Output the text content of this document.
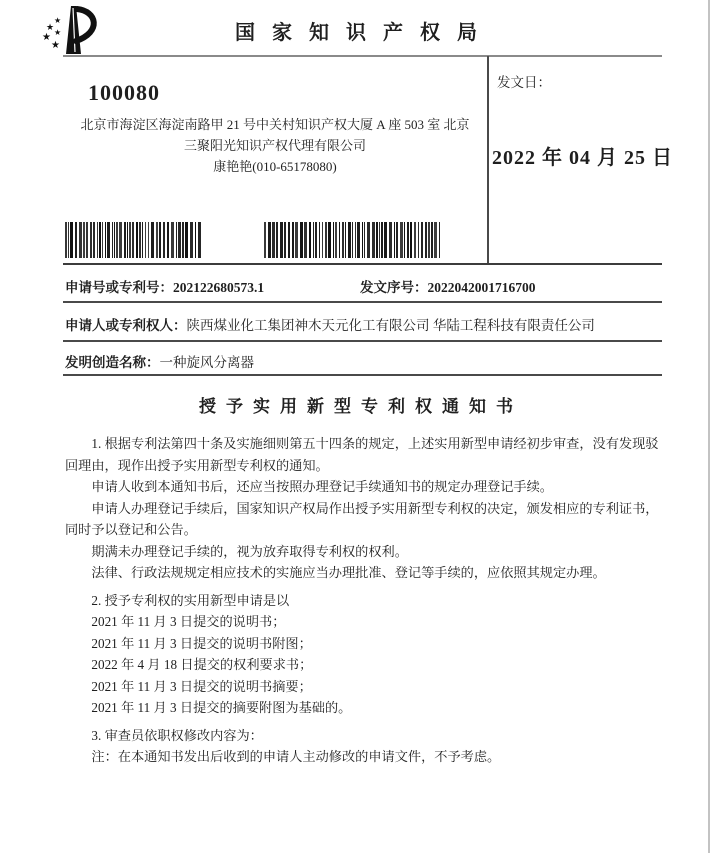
★
★ ★
★
★
国家知识产权局
100080
北京市海淀区海淀南路甲 21 号中关村知识产权大厦 A 座 503 室 北京
三聚阳光知识产权代理有限公司
康艳艳(010-65178080)
发文日：
2022 年 04 月 25 日
申请号或专利号：202122680573.1	发文序号：2022042001716700
申请人或专利权人：陕西煤业化工集团神木天元化工有限公司 华陆工程科技有限责任公司
发明创造名称：一种旋风分离器
授予实用新型专利权通知书

1. 根据专利法第四十条及实施细则第五十四条的规定，上述实用新型申请经初步审查，没有发现驳回理由，现作出授予实用新型专利权的通知。

申请人收到本通知书后，还应当按照办理登记手续通知书的规定办理登记手续。

申请人办理登记手续后，国家知识产权局作出授予实用新型专利权的决定，颁发相应的专利证书，同时予以登记和公告。

期满未办理登记手续的，视为放弃取得专利权的权利。

法律、行政法规规定相应技术的实施应当办理批准、登记等手续的，应依照其规定办理。

2. 授予专利权的实用新型申请是以

2021 年 11 月 3 日提交的说明书；

2021 年 11 月 3 日提交的说明书附图；

2022 年 4 月 18 日提交的权利要求书；

2021 年 11 月 3 日提交的说明书摘要；

2021 年 11 月 3 日提交的摘要附图为基础的。

3. 审查员依职权修改内容为：

注：在本通知书发出后收到的申请人主动修改的申请文件，不予考虑。
